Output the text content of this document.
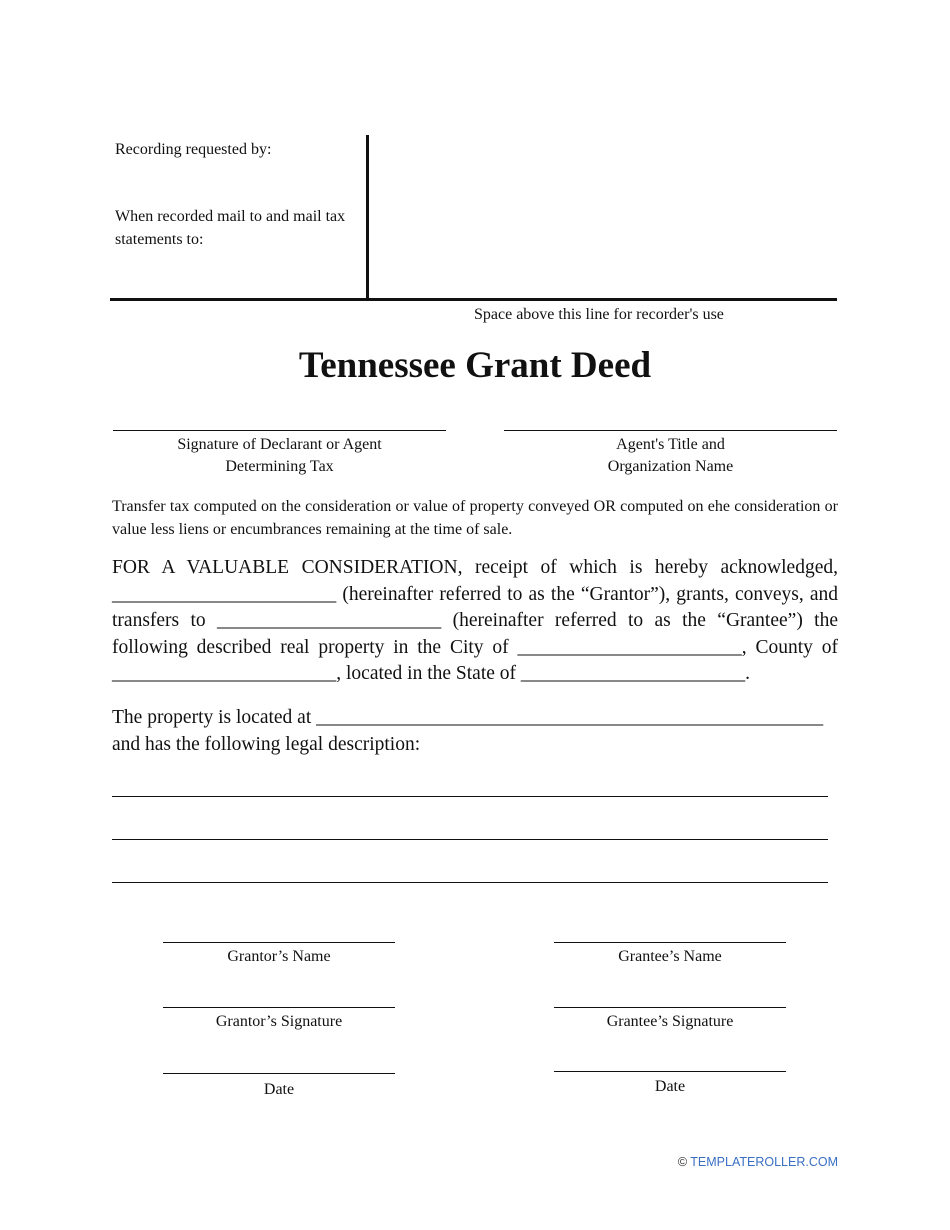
Recording requested by:
When recorded mail to and mail tax statements to:
Space above this line for recorder's use
Tennessee Grant Deed
Signature of Declarant or Agent
Determining Tax
Agent's Title and
Organization Name
Transfer tax computed on the consideration or value of property conveyed OR computed on ehe consideration or value less liens or encumbrances remaining at the time of sale.
FOR A VALUABLE CONSIDERATION, receipt of which is hereby acknowledged, _______________________ (hereinafter referred to as the “Grantor”), grants, conveys, and transfers to _______________________ (hereinafter referred to as the “Grantee”) the following described real property in the City of _______________________, County of _______________________, located in the State of _______________________.
The property is located at ____________________________________________________
and has the following legal description:
Grantor’s Name	Grantee’s Name
Grantor’s Signature	Grantee’s Signature
Date	Date
© TEMPLATEROLLER.COM
